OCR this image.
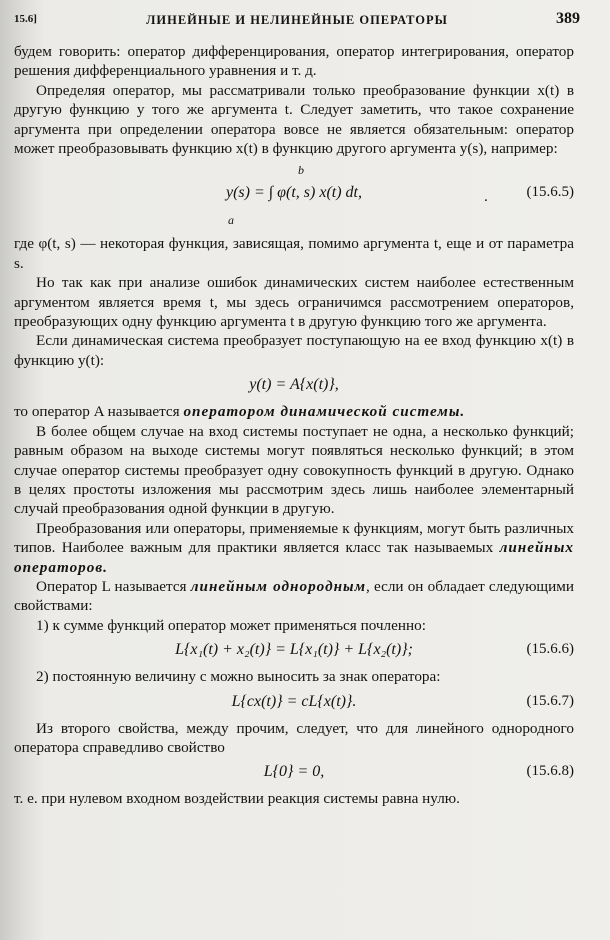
15.6]	ЛИНЕЙНЫЕ И НЕЛИНЕЙНЫЕ ОПЕРАТОРЫ	389

будем говорить: оператор дифференцирования, оператор интегрирования, оператор решения дифференциального уравнения и т. д.

Определяя оператор, мы рассматривали только преобразование функции x(t) в другую функцию y того же аргумента t. Следует заметить, что такое сохранение аргумента при определении оператора вовсе не является обязательным: оператор может преобразовывать функцию x(t) в функцию другого аргумента y(s), например:

b
y(s) = ∫ φ(t, s) x(t) dt,
a
.	(15.6.5)

где φ(t, s) — некоторая функция, зависящая, помимо аргумента t, еще и от параметра s.

Но так как при анализе ошибок динамических систем наиболее естественным аргументом является время t, мы здесь ограничимся рассмотрением операторов, преобразующих одну функцию аргумента t в другую функцию того же аргумента.

Если динамическая система преобразует поступающую на ее вход функцию x(t) в функцию y(t):

y(t) = A{x(t)},

то оператор A называется оператором динамической системы.

В более общем случае на вход системы поступает не одна, а несколько функций; равным образом на выходе системы могут появляться несколько функций; в этом случае оператор системы преобразует одну совокупность функций в другую. Однако в целях простоты изложения мы рассмотрим здесь лишь наиболее элементарный случай преобразования одной функции в другую.

Преобразования или операторы, применяемые к функциям, могут быть различных типов. Наиболее важным для практики является класс так называемых линейных операторов.

Оператор L называется линейным однородным, если он обладает следующими свойствами:

1) к сумме функций оператор может применяться почленно:

L{x₁(t) + x₂(t)} = L{x₁(t)} + L{x₂(t)};	(15.6.6)

2) постоянную величину c можно выносить за знак оператора:

L{cx(t)} = cL{x(t)}.	(15.6.7)

Из второго свойства, между прочим, следует, что для линейного однородного оператора справедливо свойство

L{0} = 0,	(15.6.8)

т. е. при нулевом входном воздействии реакция системы равна нулю.
